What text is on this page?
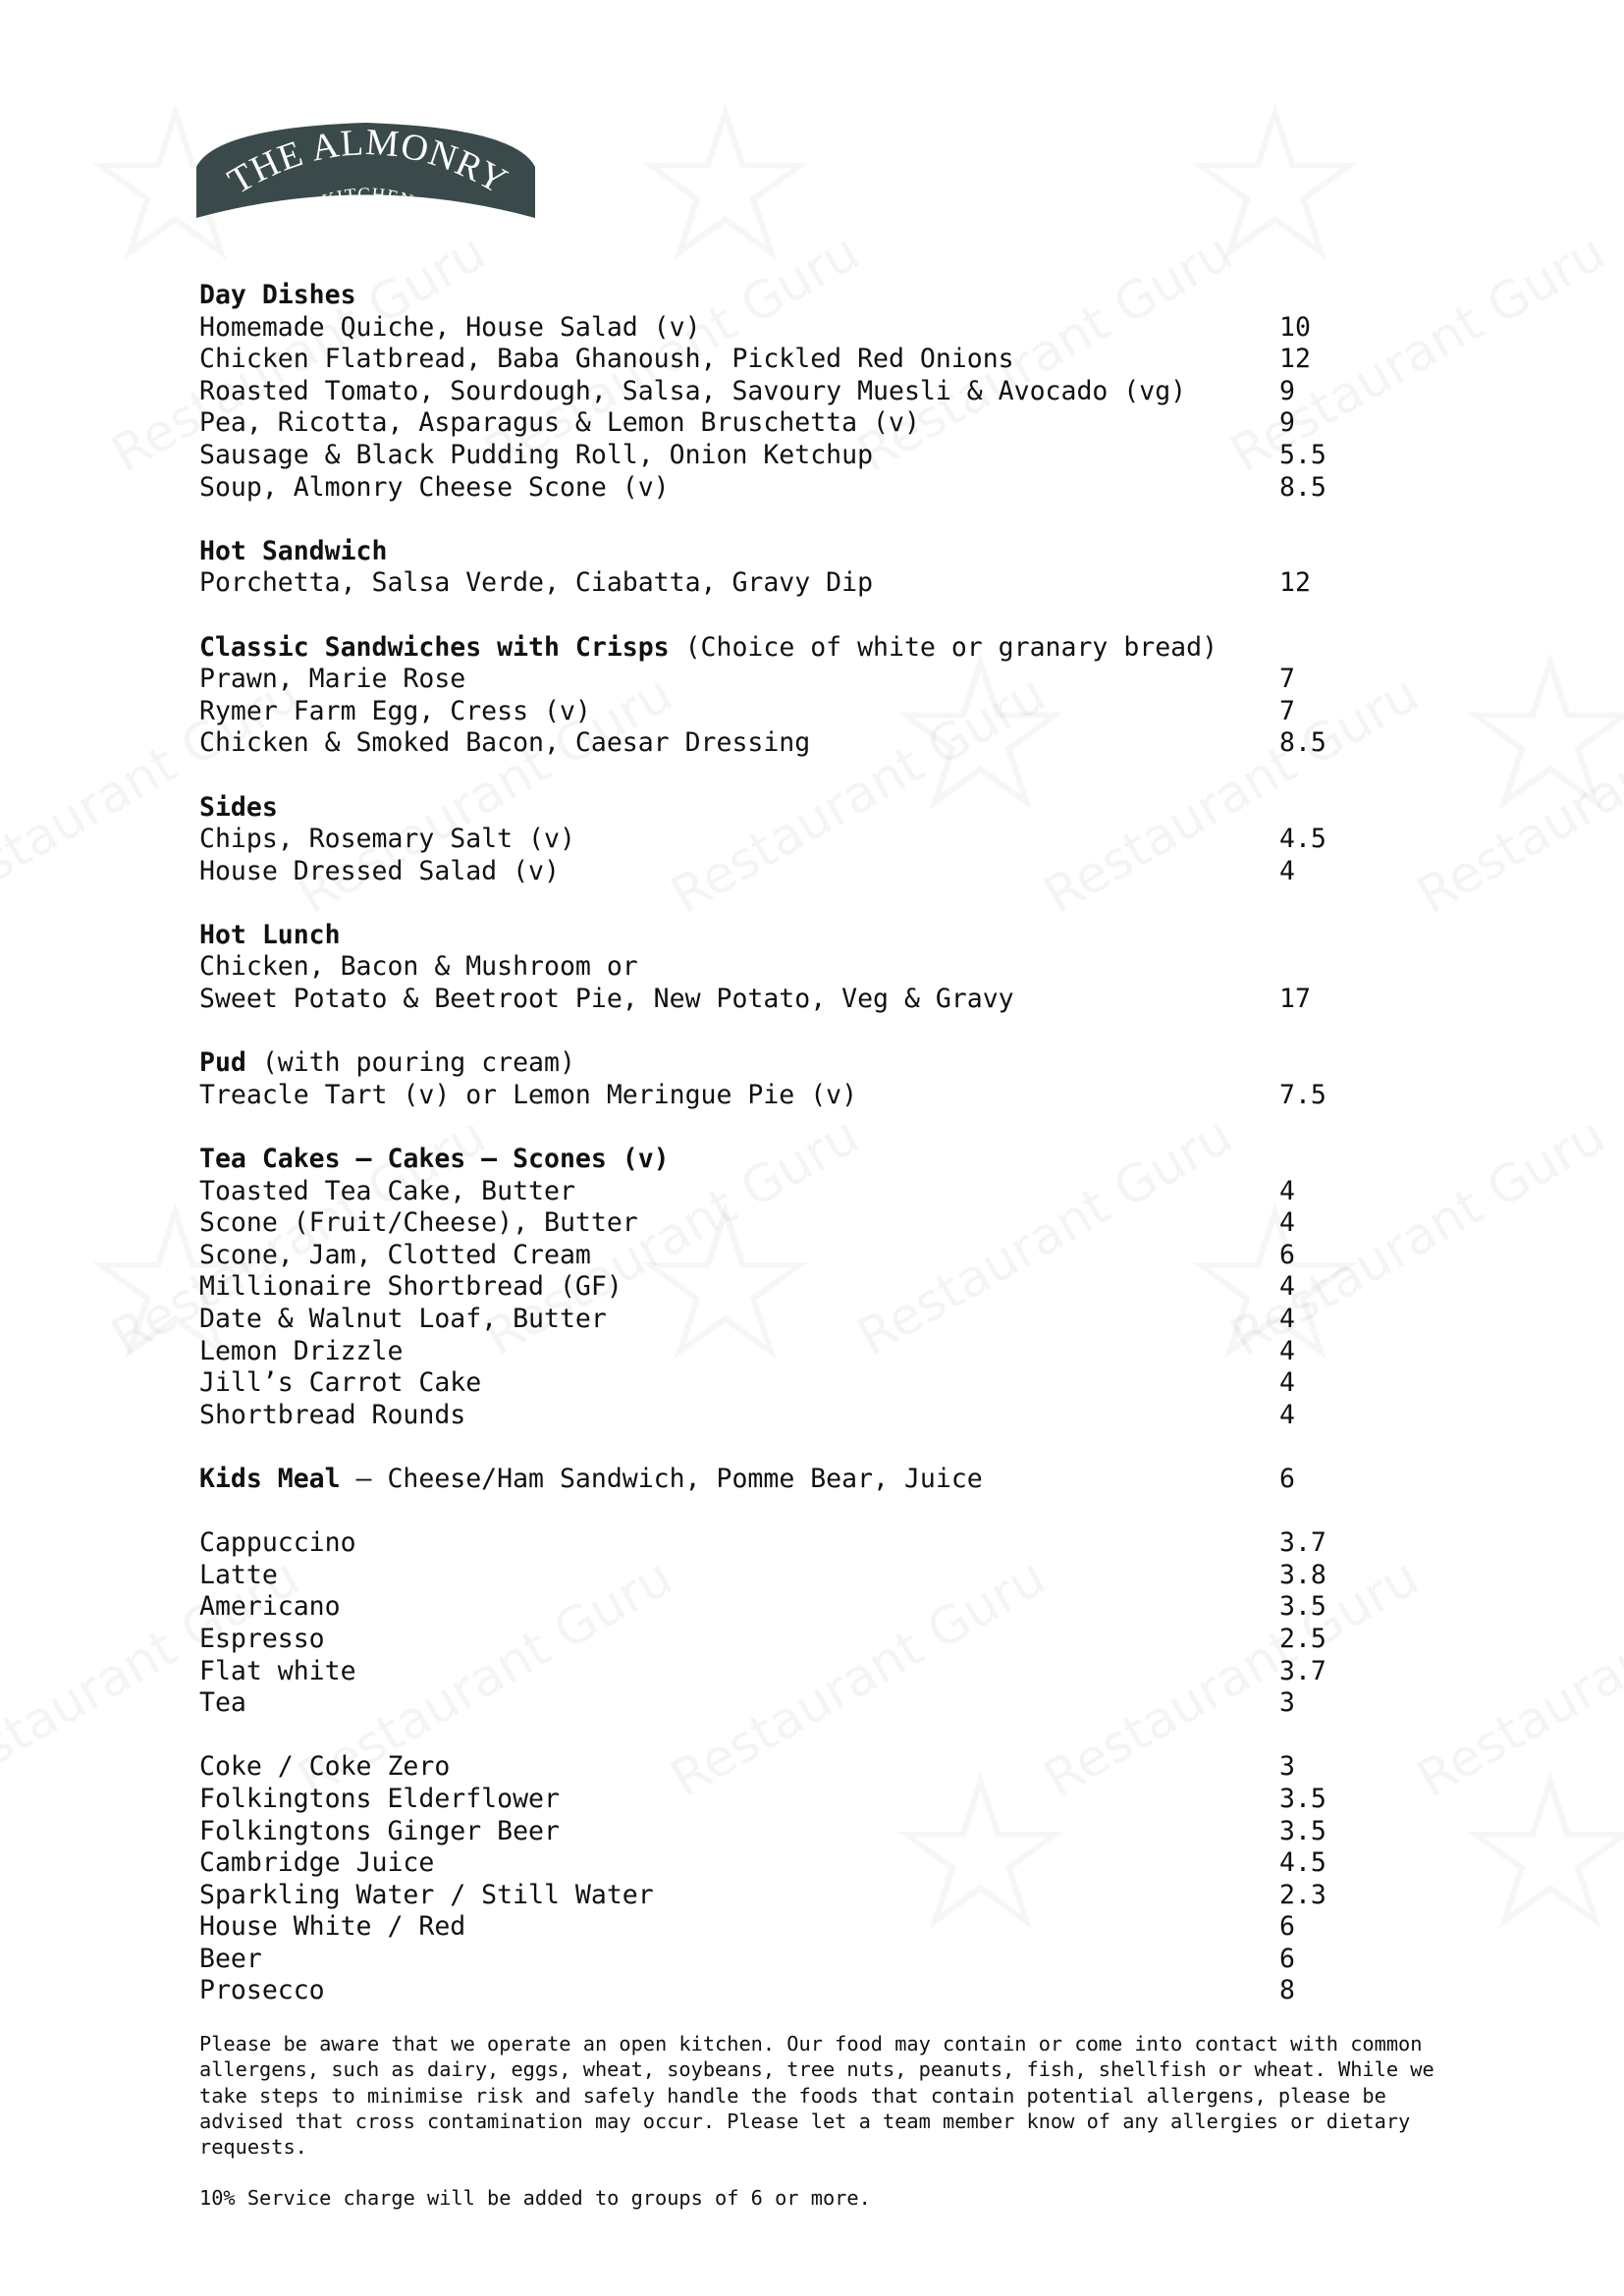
THE ALMONRY
KITCHEN
Day Dishes
Homemade Quiche, House Salad (v)	10
Chicken Flatbread, Baba Ghanoush, Pickled Red Onions	12
Roasted Tomato, Sourdough, Salsa, Savoury Muesli & Avocado (vg)	9
Pea, Ricotta, Asparagus & Lemon Bruschetta (v)	9
Sausage & Black Pudding Roll, Onion Ketchup	5.5
Soup, Almonry Cheese Scone (v)	8.5
Hot Sandwich
Porchetta, Salsa Verde, Ciabatta, Gravy Dip	12
Classic Sandwiches with Crisps (Choice of white or granary bread)
Prawn, Marie Rose	7
Rymer Farm Egg, Cress (v)	7
Chicken & Smoked Bacon, Caesar Dressing	8.5
Sides
Chips, Rosemary Salt (v)	4.5
House Dressed Salad (v)	4
Hot Lunch
Chicken, Bacon & Mushroom or
Sweet Potato & Beetroot Pie, New Potato, Veg & Gravy	17
Pud (with pouring cream)
Treacle Tart (v) or Lemon Meringue Pie (v)	7.5
Tea Cakes – Cakes – Scones (v)
Toasted Tea Cake, Butter	4
Scone (Fruit/Cheese), Butter	4
Scone, Jam, Clotted Cream	6
Millionaire Shortbread (GF)	4
Date & Walnut Loaf, Butter	4
Lemon Drizzle	4
Jill’s Carrot Cake	4
Shortbread Rounds	4
Kids Meal – Cheese/Ham Sandwich, Pomme Bear, Juice	6
Cappuccino	3.7
Latte	3.8
Americano	3.5
Espresso	2.5
Flat white	3.7
Tea	3
Coke / Coke Zero	3
Folkingtons Elderflower	3.5
Folkingtons Ginger Beer	3.5
Cambridge Juice	4.5
Sparkling Water / Still Water	2.3
House White / Red	6
Beer	6
Prosecco	8
Please be aware that we operate an open kitchen. Our food may contain or come into contact with common
allergens, such as dairy, eggs, wheat, soybeans, tree nuts, peanuts, fish, shellfish or wheat. While we
take steps to minimise risk and safely handle the foods that contain potential allergens, please be
advised that cross contamination may occur. Please let a team member know of any allergies or dietary
requests.
10% Service charge will be added to groups of 6 or more.
